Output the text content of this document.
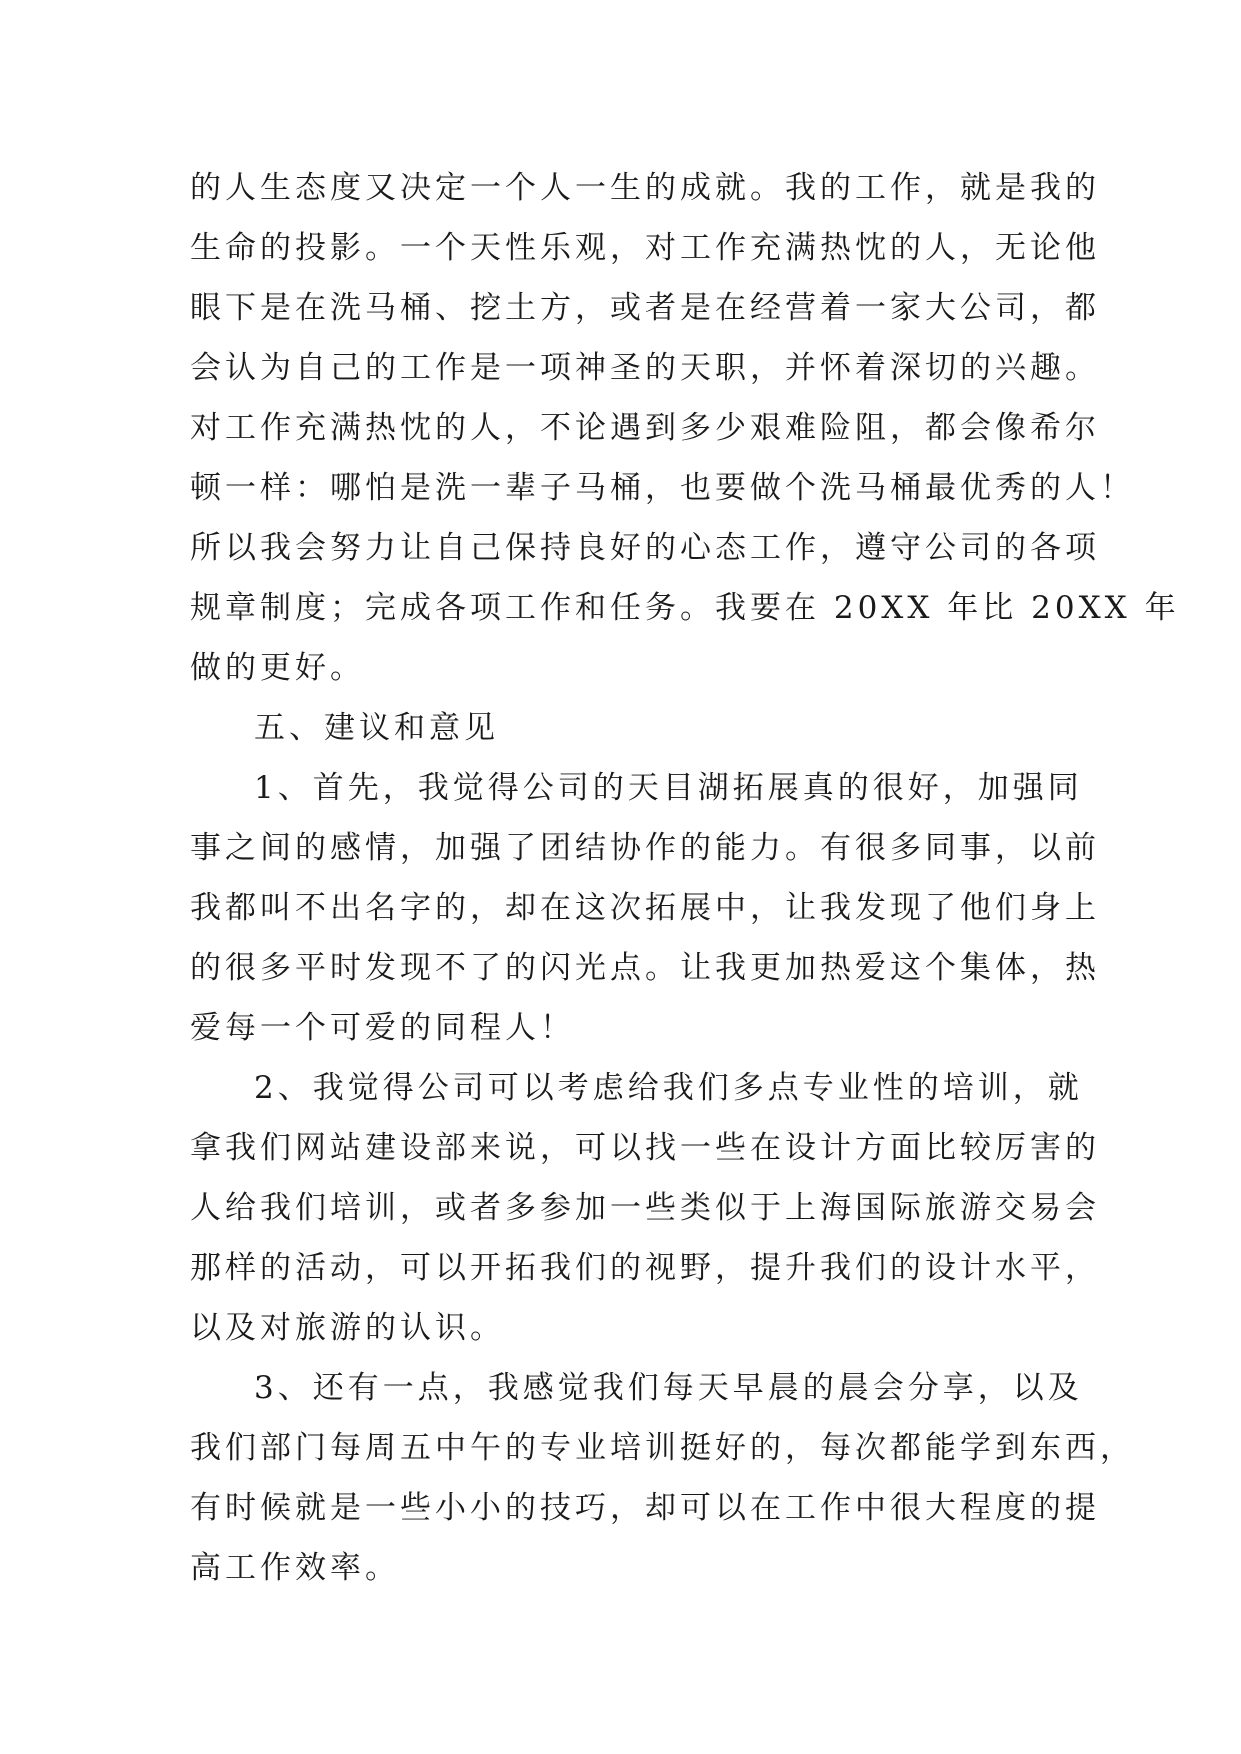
的人生态度又决定一个人一生的成就。我的工作，就是我的
生命的投影。一个天性乐观，对工作充满热忱的人，无论他
眼下是在洗马桶、挖土方，或者是在经营着一家大公司，都
会认为自己的工作是一项神圣的天职，并怀着深切的兴趣。
对工作充满热忱的人，不论遇到多少艰难险阻，都会像希尔
顿一样：哪怕是洗一辈子马桶，也要做个洗马桶最优秀的人！
所以我会努力让自己保持良好的心态工作，遵守公司的各项
规章制度；完成各项工作和任务。我要在 20XX 年比 20XX 年
做的更好。
五、建议和意见
1、首先，我觉得公司的天目湖拓展真的很好，加强同
事之间的感情，加强了团结协作的能力。有很多同事，以前
我都叫不出名字的，却在这次拓展中，让我发现了他们身上
的很多平时发现不了的闪光点。让我更加热爱这个集体，热
爱每一个可爱的同程人！
2、我觉得公司可以考虑给我们多点专业性的培训，就
拿我们网站建设部来说，可以找一些在设计方面比较厉害的
人给我们培训，或者多参加一些类似于上海国际旅游交易会
那样的活动，可以开拓我们的视野，提升我们的设计水平，
以及对旅游的认识。
3、还有一点，我感觉我们每天早晨的晨会分享，以及
我们部门每周五中午的专业培训挺好的，每次都能学到东西，
有时候就是一些小小的技巧，却可以在工作中很大程度的提
高工作效率。
